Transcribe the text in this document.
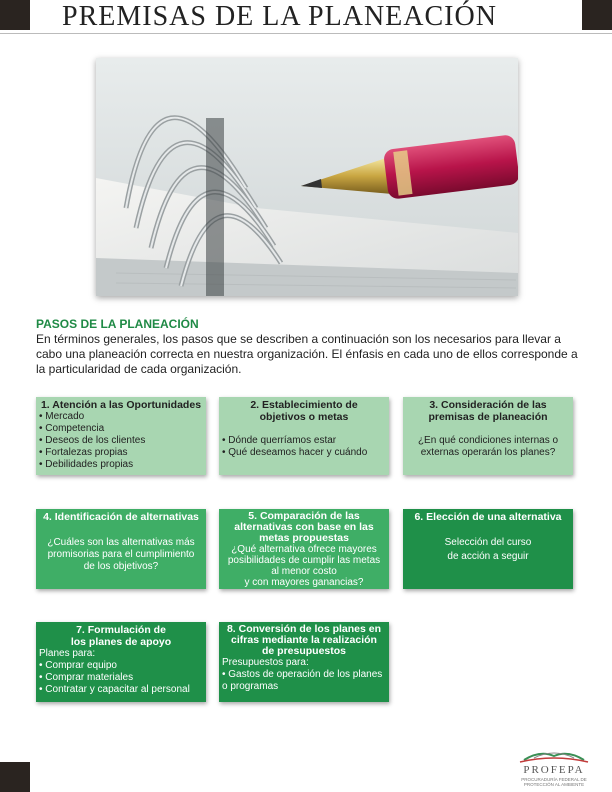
PREMISAS DE LA PLANEACIÓN
PASOS DE LA PLANEACIÓN
En términos generales, los pasos que se describen a continuación son los necesarios para llevar a cabo una planeación correcta en nuestra organización. El énfasis en cada uno de ellos corresponde a la particularidad de cada organización.
1. Atención a las Oportunidades
• Mercado
• Competencia
• Deseos de los clientes
• Fortalezas propias
• Debilidades propias
2. Establecimiento de
objetivos o metas
• Dónde querríamos estar
• Qué deseamos hacer y cuándo
3. Consideración de las
premisas de planeación
¿En qué condiciones internas o
externas operarán los planes?
4. Identificación de alternativas
¿Cuáles son las alternativas más
promisorias para el cumplimiento
de los objetivos?
5. Comparación de las
alternativas con base en las
metas propuestas
¿Qué alternativa ofrece mayores
posibilidades de cumplir las metas
al menor costo
y con mayores ganancias?
6. Elección de una alternativa
Selección del curso
de acción a seguir
7. Formulación de
los planes de apoyo
Planes para:
• Comprar equipo
• Comprar materiales
• Contratar y capacitar al personal
8. Conversión de los planes en
cifras mediante la realización
de presupuestos
Presupuestos para:
• Gastos de operación de los planes
o programas
PROFEPA
PROCURADURÍA FEDERAL DE
PROTECCIÓN AL AMBIENTE
